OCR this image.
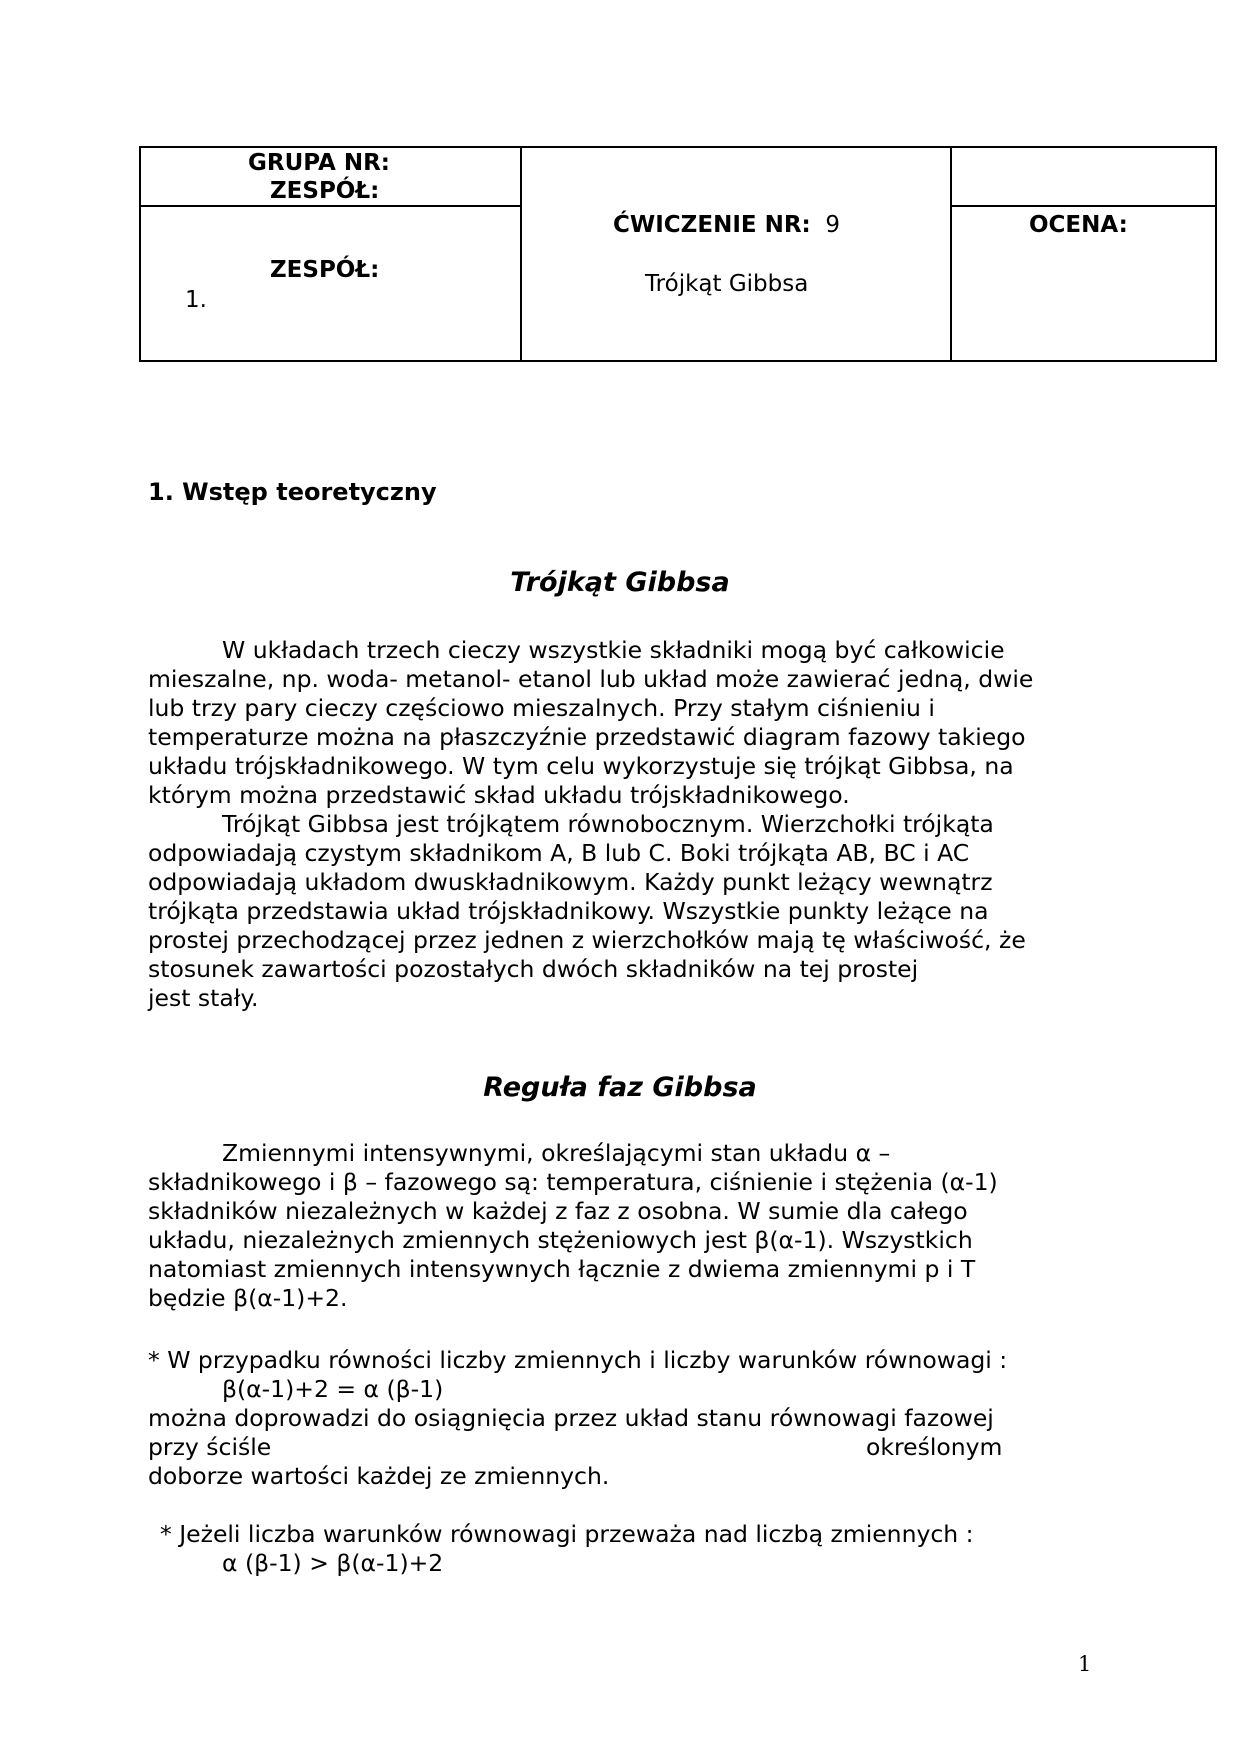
GRUPA NR:
ZESPÓŁ:
ZESPÓŁ:
1.
ĆWICZENIE NR: 9
Trójkąt Gibbsa
OCENA:
1. Wstęp teoretyczny
Trójkąt Gibbsa
W układach trzech cieczy wszystkie składniki mogą być całkowicie
mieszalne, np. woda- metanol- etanol lub układ może zawierać jedną, dwie
lub trzy pary cieczy częściowo mieszalnych. Przy stałym ciśnieniu i
temperaturze można na płaszczyźnie przedstawić diagram fazowy takiego
układu trójskładnikowego. W tym celu wykorzystuje się trójkąt Gibbsa, na
którym można przedstawić skład układu trójskładnikowego.
Trójkąt Gibbsa jest trójkątem równobocznym. Wierzchołki trójkąta
odpowiadają czystym składnikom A, B lub C. Boki trójkąta AB, BC i AC
odpowiadają układom dwuskładnikowym. Każdy punkt leżący wewnątrz
trójkąta przedstawia układ trójskładnikowy. Wszystkie punkty leżące na
prostej przechodzącej przez jednen z wierzchołków mają tę właściwość, że
stosunek zawartości pozostałych dwóch składników na tej prostej
jest stały.
Reguła faz Gibbsa
Zmiennymi intensywnymi, określającymi stan układu α –
składnikowego i β – fazowego są: temperatura, ciśnienie i stężenia (α-1)
składników niezależnych w każdej z faz z osobna. W sumie dla całego
układu, niezależnych zmiennych stężeniowych jest β(α-1). Wszystkich
natomiast zmiennych intensywnych łącznie z dwiema zmiennymi p i T
będzie β(α-1)+2.
* W przypadku równości liczby zmiennych i liczby warunków równowagi :
β(α-1)+2 = α (β-1)
można doprowadzi do osiągnięcia przez układ stanu równowagi fazowej
przy ściśle	określonym
doborze wartości każdej ze zmiennych.
* Jeżeli liczba warunków równowagi przeważa nad liczbą zmiennych :
α (β-1) > β(α-1)+2
1
